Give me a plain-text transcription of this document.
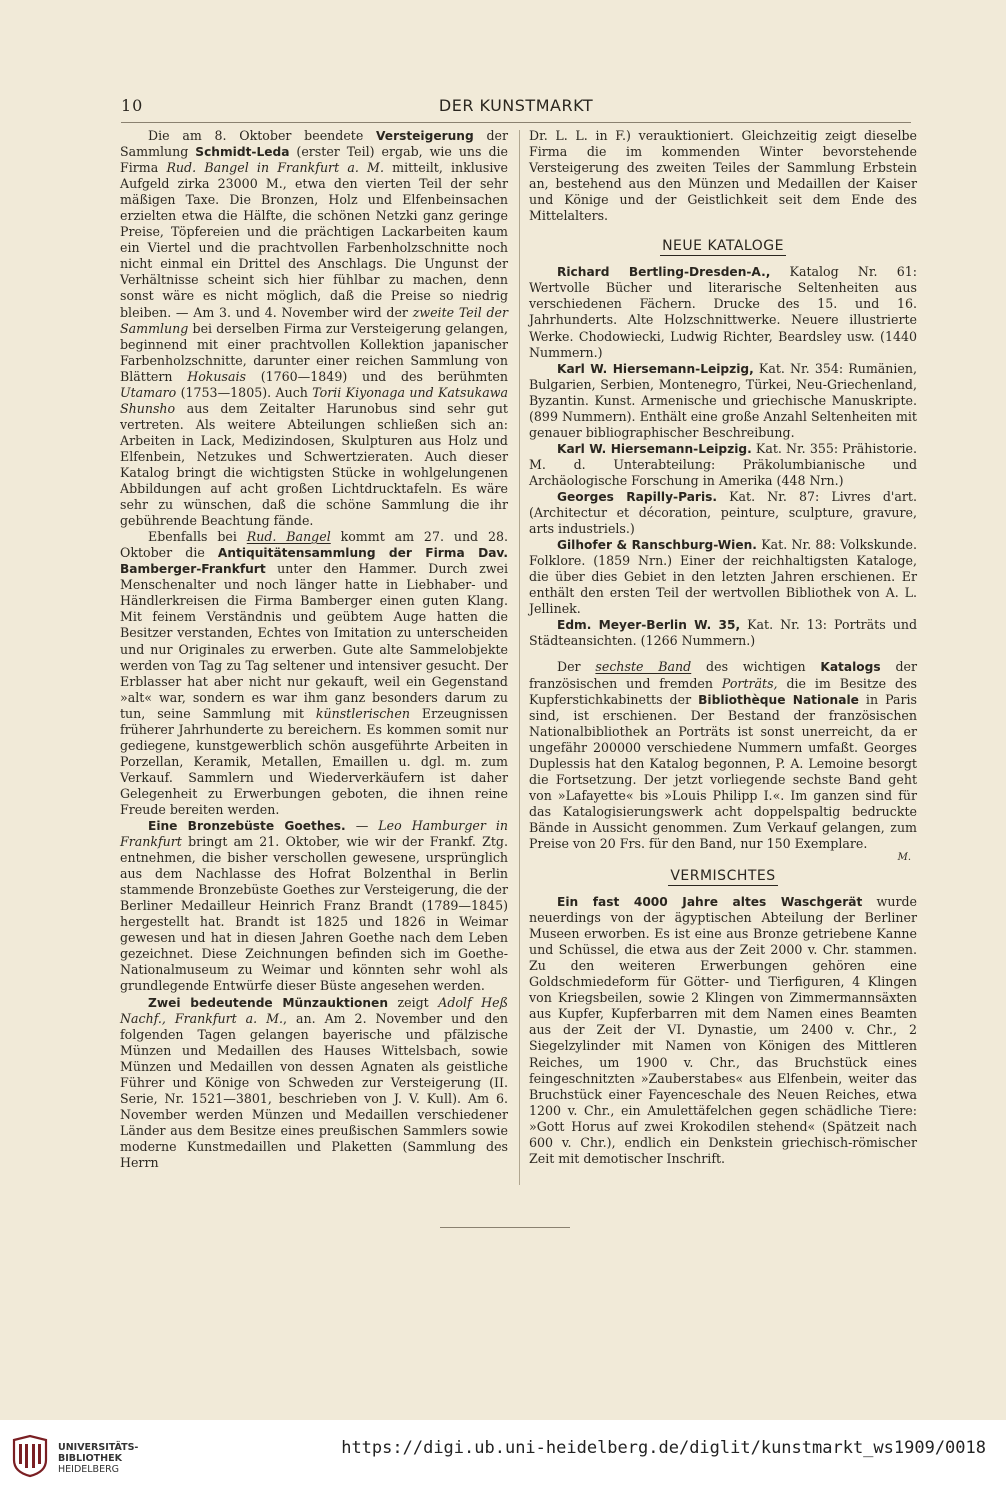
10	DER KUNSTMARKT

Die am 8. Oktober beendete Versteigerung der Sammlung Schmidt-Leda (erster Teil) ergab, wie uns die Firma Rud. Bangel in Frankfurt a. M. mitteilt, inklusive Aufgeld zirka 23000 M., etwa den vierten Teil der sehr mäßigen Taxe. Die Bronzen, Holz und Elfenbeinsachen erzielten etwa die Hälfte, die schönen Netzki ganz geringe Preise, Töpfereien und die prächtigen Lackarbeiten kaum ein Viertel und die prachtvollen Farbenholzschnitte noch nicht einmal ein Drittel des Anschlags. Die Ungunst der Verhältnisse scheint sich hier fühlbar zu machen, denn sonst wäre es nicht möglich, daß die Preise so niedrig bleiben. — Am 3. und 4. November wird der zweite Teil der Sammlung bei derselben Firma zur Versteigerung gelangen, beginnend mit einer prachtvollen Kollektion japanischer Farbenholzschnitte, darunter einer reichen Sammlung von Blättern Hokusais (1760—1849) und des berühmten Utamaro (1753—1805). Auch Torii Kiyonaga und Katsukawa Shunsho aus dem Zeitalter Harunobus sind sehr gut vertreten. Als weitere Abteilungen schließen sich an: Arbeiten in Lack, Medizindosen, Skulpturen aus Holz und Elfenbein, Netzukes und Schwertzieraten. Auch dieser Katalog bringt die wichtigsten Stücke in wohlgelungenen Abbildungen auf acht großen Lichtdrucktafeln. Es wäre sehr zu wünschen, daß die schöne Sammlung die ihr gebührende Beachtung fände.

Ebenfalls bei Rud. Bangel kommt am 27. und 28. Oktober die Antiquitätensammlung der Firma Dav. Bamberger-Frankfurt unter den Hammer. Durch zwei Menschenalter und noch länger hatte in Liebhaber- und Händlerkreisen die Firma Bamberger einen guten Klang. Mit feinem Verständnis und geübtem Auge hatten die Besitzer verstanden, Echtes von Imitation zu unterscheiden und nur Originales zu erwerben. Gute alte Sammelobjekte werden von Tag zu Tag seltener und intensiver gesucht. Der Erblasser hat aber nicht nur gekauft, weil ein Gegenstand »alt« war, sondern es war ihm ganz besonders darum zu tun, seine Sammlung mit künstlerischen Erzeugnissen früherer Jahrhunderte zu bereichern. Es kommen somit nur gediegene, kunstgewerblich schön ausgeführte Arbeiten in Porzellan, Keramik, Metallen, Emaillen u. dgl. m. zum Verkauf. Sammlern und Wiederverkäufern ist daher Gelegenheit zu Erwerbungen geboten, die ihnen reine Freude bereiten werden.

Eine Bronzebüste Goethes. — Leo Hamburger in Frankfurt bringt am 21. Oktober, wie wir der Frankf. Ztg. entnehmen, die bisher verschollen gewesene, ursprünglich aus dem Nachlasse des Hofrat Bolzenthal in Berlin stammende Bronzebüste Goethes zur Versteigerung, die der Berliner Medailleur Heinrich Franz Brandt (1789—1845) hergestellt hat. Brandt ist 1825 und 1826 in Weimar gewesen und hat in diesen Jahren Goethe nach dem Leben gezeichnet. Diese Zeichnungen befinden sich im Goethe-Nationalmuseum zu Weimar und könnten sehr wohl als grundlegende Entwürfe dieser Büste angesehen werden.

Zwei bedeutende Münzauktionen zeigt Adolf Heß Nachf., Frankfurt a. M., an. Am 2. November und den folgenden Tagen gelangen bayerische und pfälzische Münzen und Medaillen des Hauses Wittelsbach, sowie Münzen und Medaillen von dessen Agnaten als geistliche Führer und Könige von Schweden zur Versteigerung (II. Serie, Nr. 1521—3801, beschrieben von J. V. Kull). Am 6. November werden Münzen und Medaillen verschiedener Länder aus dem Besitze eines preußischen Sammlers sowie moderne Kunstmedaillen und Plaketten (Sammlung des Herrn

Dr. L. L. in F.) verauktioniert. Gleichzeitig zeigt dieselbe Firma die im kommenden Winter bevorstehende Versteigerung des zweiten Teiles der Sammlung Erbstein an, bestehend aus den Münzen und Medaillen der Kaiser und Könige und der Geistlichkeit seit dem Ende des Mittelalters.

NEUE KATALOGE

Richard Bertling-Dresden-A., Katalog Nr. 61: Wertvolle Bücher und literarische Seltenheiten aus verschiedenen Fächern. Drucke des 15. und 16. Jahrhunderts. Alte Holzschnittwerke. Neuere illustrierte Werke. Chodowiecki, Ludwig Richter, Beardsley usw. (1440 Nummern.)

Karl W. Hiersemann-Leipzig, Kat. Nr. 354: Rumänien, Bulgarien, Serbien, Montenegro, Türkei, Neu-Griechenland, Byzantin. Kunst. Armenische und griechische Manuskripte. (899 Nummern). Enthält eine große Anzahl Seltenheiten mit genauer bibliographischer Beschreibung.

Karl W. Hiersemann-Leipzig. Kat. Nr. 355: Prähistorie. M. d. Unterabteilung: Präkolumbianische und Archäologische Forschung in Amerika (448 Nrn.)

Georges Rapilly-Paris. Kat. Nr. 87: Livres d'art. (Architectur et décoration, peinture, sculpture, gravure, arts industriels.)

Gilhofer & Ranschburg-Wien. Kat. Nr. 88: Volkskunde. Folklore. (1859 Nrn.) Einer der reichhaltigsten Kataloge, die über dies Gebiet in den letzten Jahren erschienen. Er enthält den ersten Teil der wertvollen Bibliothek von A. L. Jellinek.

Edm. Meyer-Berlin W. 35, Kat. Nr. 13: Porträts und Städteansichten. (1266 Nummern.)

Der sechste Band des wichtigen Katalogs der französischen und fremden Porträts, die im Besitze des Kupferstichkabinetts der Bibliothèque Nationale in Paris sind, ist erschienen. Der Bestand der französischen Nationalbibliothek an Porträts ist sonst unerreicht, da er ungefähr 200000 verschiedene Nummern umfaßt. Georges Duplessis hat den Katalog begonnen, P. A. Lemoine besorgt die Fortsetzung. Der jetzt vorliegende sechste Band geht von »Lafayette« bis »Louis Philipp I.«. Im ganzen sind für das Katalogisierungswerk acht doppelspaltig bedruckte Bände in Aussicht genommen. Zum Verkauf gelangen, zum Preise von 20 Frs. für den Band, nur 150 Exemplare.

M.
VERMISCHTES

Ein fast 4000 Jahre altes Waschgerät wurde neuerdings von der ägyptischen Abteilung der Berliner Museen erworben. Es ist eine aus Bronze getriebene Kanne und Schüssel, die etwa aus der Zeit 2000 v. Chr. stammen. Zu den weiteren Erwerbungen gehören eine Goldschmiedeform für Götter- und Tierfiguren, 4 Klingen von Kriegsbeilen, sowie 2 Klingen von Zimmermannsäxten aus Kupfer, Kupferbarren mit dem Namen eines Beamten aus der Zeit der VI. Dynastie, um 2400 v. Chr., 2 Siegelzylinder mit Namen von Königen des Mittleren Reiches, um 1900 v. Chr., das Bruchstück eines feingeschnitzten »Zauberstabes« aus Elfenbein, weiter das Bruchstück einer Fayenceschale des Neuen Reiches, etwa 1200 v. Chr., ein Amulettäfelchen gegen schädliche Tiere: »Gott Horus auf zwei Krokodilen stehend« (Spätzeit nach 600 v. Chr.), endlich ein Denkstein griechisch-römischer Zeit mit demotischer Inschrift.

UNIVERSITÄTS-
BIBLIOTHEK
HEIDELBERG
https://digi.ub.uni-heidelberg.de/diglit/kunstmarkt_ws1909/0018
